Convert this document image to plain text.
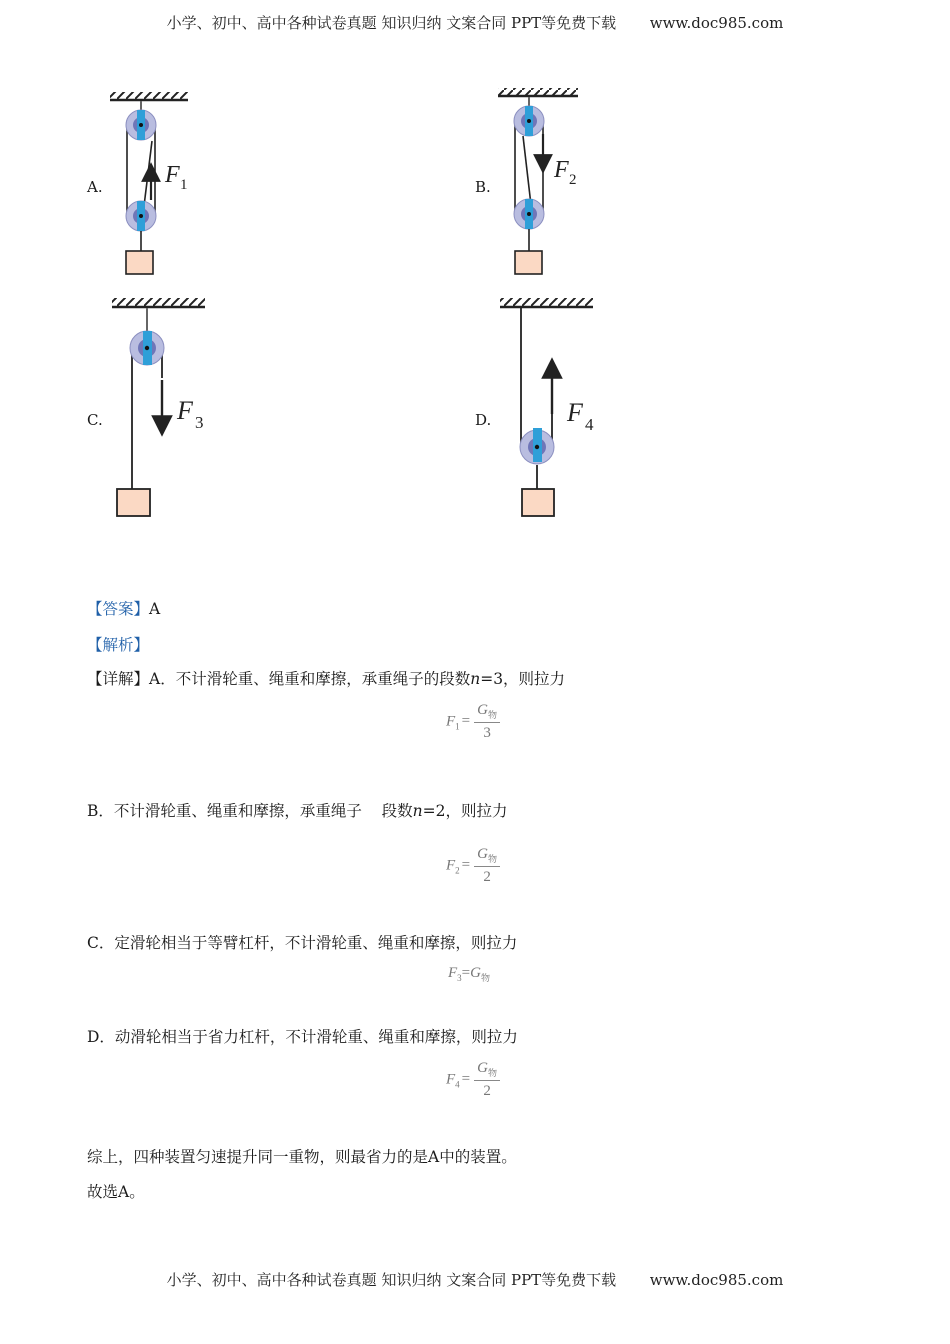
小学、初中、高中各种试卷真题 知识归纳 文案合同 PPT等免费下载 www.doc985.com
F 1
F 2
F 3	F 4
A.	B.
C.	D.
【答案】A
【解析】
【详解】A．不计滑轮重、绳重和摩擦，承重绳子的段数n=3，则拉力
$F_1 = \frac{G_物}{3}$
B．不计滑轮重、绳重和摩擦，承重绳子    段数n=2，则拉力
$F_2 = \frac{G_物}{2}$
C．定滑轮相当于等臂杠杆，不计滑轮重、绳重和摩擦，则拉力
$F_3=G_物$
D．动滑轮相当于省力杠杆，不计滑轮重、绳重和摩擦，则拉力
$F_4 = \frac{G_物}{2}$
综上，四种装置匀速提升同一重物，则最省力的是A中的装置。
故选A。
小学、初中、高中各种试卷真题 知识归纳 文案合同 PPT等免费下载 www.doc985.com
